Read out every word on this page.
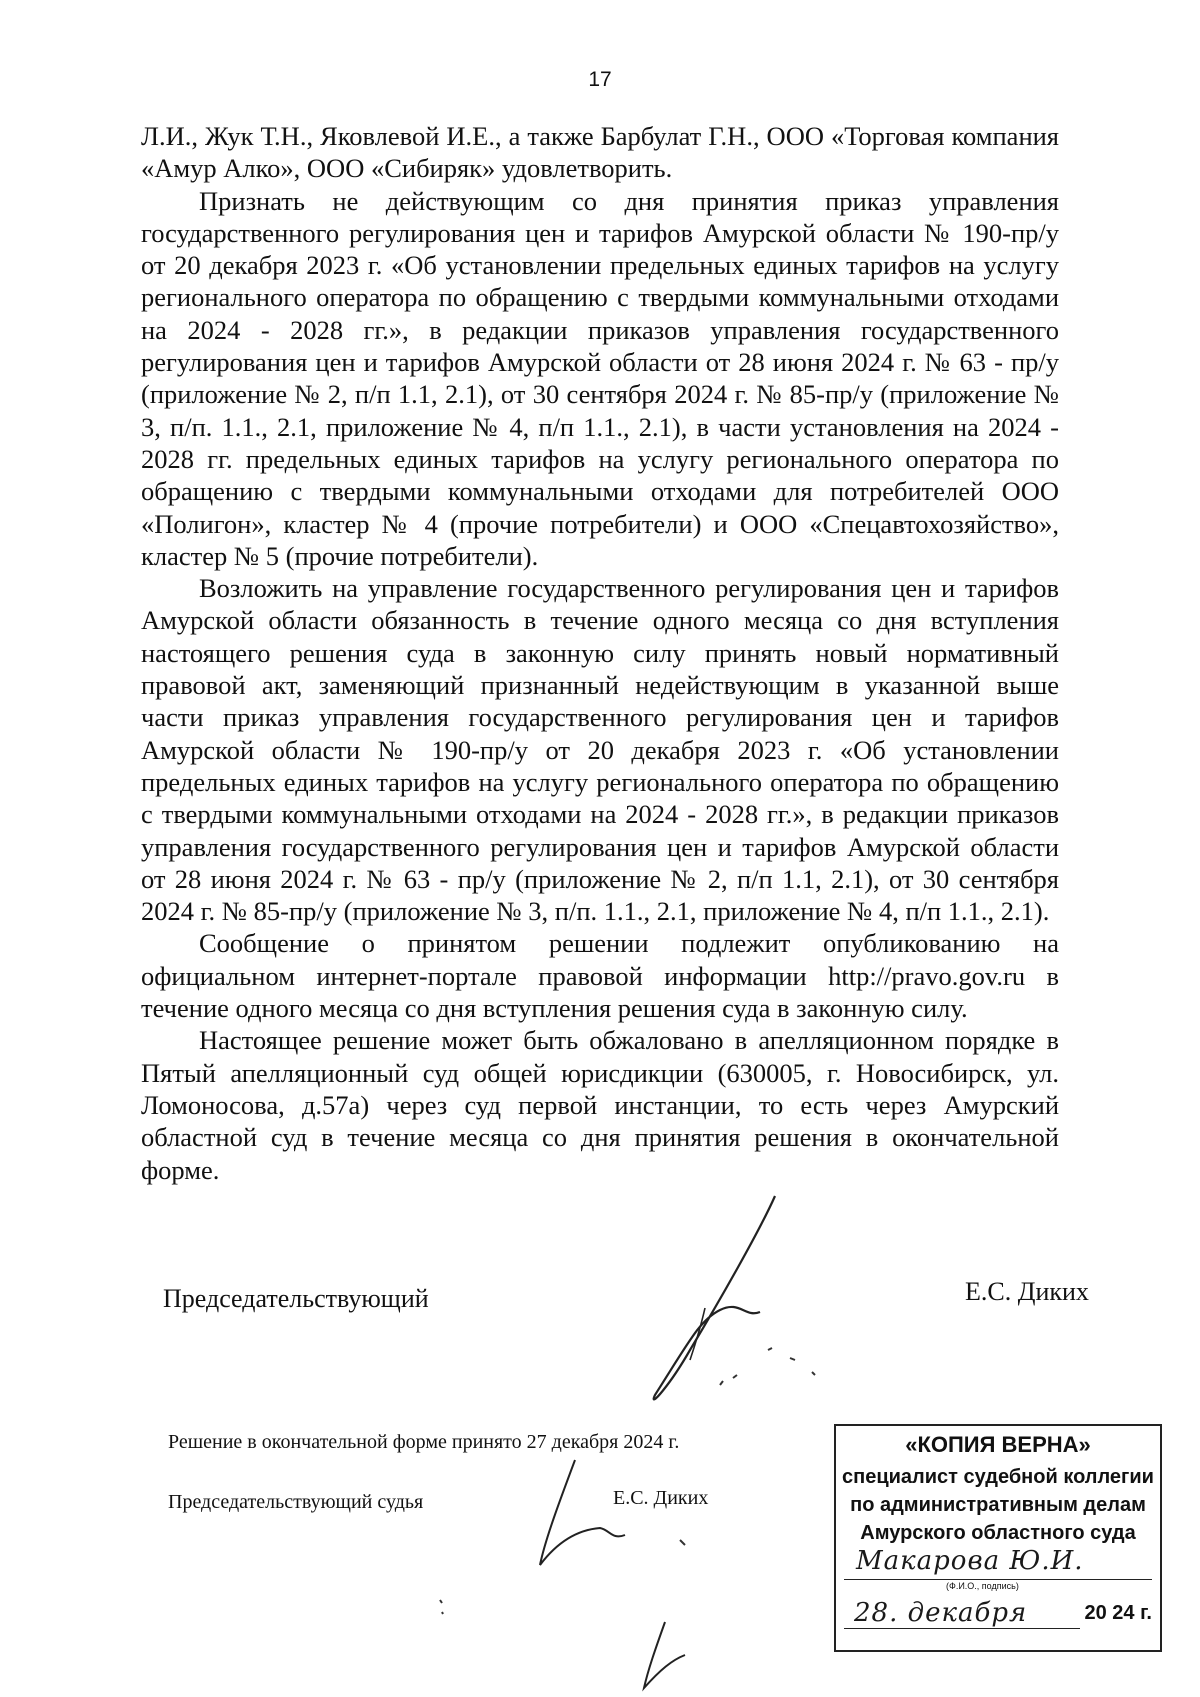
17

Л.И., Жук Т.Н., Яковлевой И.Е., а также Барбулат Г.Н., ООО «Торговая компания «Амур Алко», ООО «Сибиряк» удовлетворить.

Признать не действующим со дня принятия приказ управления государственного регулирования цен и тарифов Амурской области № 190-пр/у от 20 декабря 2023 г. «Об установлении предельных единых тарифов на услугу регионального оператора по обращению с твердыми коммунальными отходами на 2024 - 2028 гг.», в редакции приказов управления государственного регулирования цен и тарифов Амурской области от 28 июня 2024 г. № 63 - пр/у (приложение № 2, п/п 1.1, 2.1), от 30 сентября 2024 г. № 85-пр/у (приложение № 3, п/п. 1.1., 2.1, приложение № 4, п/п 1.1., 2.1), в части установления на 2024 - 2028 гг. предельных единых тарифов на услугу регионального оператора по обращению с твердыми коммунальными отходами для потребителей ООО «Полигон», кластер № 4 (прочие потребители) и ООО «Спецавтохозяйство», кластер № 5 (прочие потребители).

Возложить на управление государственного регулирования цен и тарифов Амурской области обязанность в течение одного месяца со дня вступления настоящего решения суда в законную силу принять новый нормативный правовой акт, заменяющий признанный недействующим в указанной выше части приказ управления государственного регулирования цен и тарифов Амурской области № 190-пр/у от 20 декабря 2023 г. «Об установлении предельных единых тарифов на услугу регионального оператора по обращению с твердыми коммунальными отходами на 2024 - 2028 гг.», в редакции приказов управления государственного регулирования цен и тарифов Амурской области от 28 июня 2024 г. № 63 - пр/у (приложение № 2, п/п 1.1, 2.1), от 30 сентября 2024 г. № 85-пр/у (приложение № 3, п/п. 1.1., 2.1, приложение № 4, п/п 1.1., 2.1).

Сообщение о принятом решении подлежит опубликованию на официальном интернет-портале правовой информации http://pravo.gov.ru в течение одного месяца со дня вступления решения суда в законную силу.

Настоящее решение может быть обжаловано в апелляционном порядке в Пятый апелляционный суд общей юрисдикции (630005, г. Новосибирск, ул. Ломоносова, д.57а) через суд первой инстанции, то есть через Амурский областной суд в течение месяца со дня принятия решения в окончательной форме.

Председательствующий	Е.С. Диких
Решение в окончательной форме принято 27 декабря 2024 г.
Председательствующий судья	Е.С. Диких
«КОПИЯ ВЕРНА»
специалист судебной коллегии
по административным делам
Амурского областного суда
Макарова Ю.И.
(Ф.И.О., подпись)
28. декабря	20 24 г.
